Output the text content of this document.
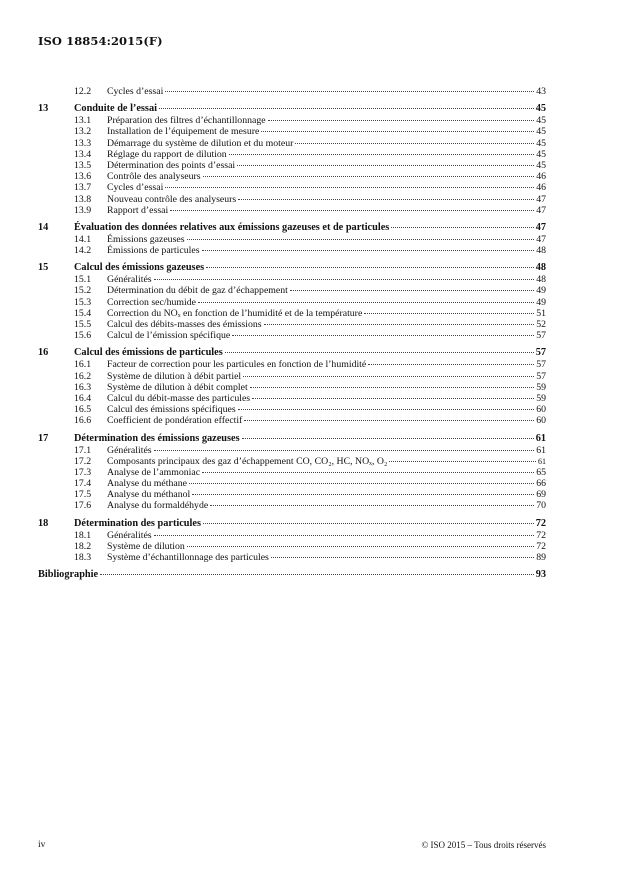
ISO 18854:2015(F)
12.2	Cycles d’essai	43
13	Conduite de l’essai	45
13.1	Préparation des filtres d’échantillonnage	45
13.2	Installation de l’équipement de mesure	45
13.3	Démarrage du système de dilution et du moteur	45
13.4	Réglage du rapport de dilution	45
13.5	Détermination des points d’essai	45
13.6	Contrôle des analyseurs	46
13.7	Cycles d’essai	46
13.8	Nouveau contrôle des analyseurs	47
13.9	Rapport d’essai	47
14	Évaluation des données relatives aux émissions gazeuses et de particules	47
14.1	Émissions gazeuses	47
14.2	Émissions de particules	48
15	Calcul des émissions gazeuses	48
15.1	Généralités	48
15.2	Détermination du débit de gaz d’échappement	49
15.3	Correction sec/humide	49
15.4	Correction du NOₓ en fonction de l’humidité et de la température	51
15.5	Calcul des débits-masses des émissions	52
15.6	Calcul de l’émission spécifique	57
16	Calcul des émissions de particules	57
16.1	Facteur de correction pour les particules en fonction de l’humidité	57
16.2	Système de dilution à débit partiel	57
16.3	Système de dilution à débit complet	59
16.4	Calcul du débit-masse des particules	59
16.5	Calcul des émissions spécifiques	60
16.6	Coefficient de pondération effectif	60
17	Détermination des émissions gazeuses	61
17.1	Généralités	61
17.2	Composants principaux des gaz d’échappement CO, CO₂, HC, NOₓ, O₂	61
17.3	Analyse de l’ammoniac	65
17.4	Analyse du méthane	66
17.5	Analyse du méthanol	69
17.6	Analyse du formaldéhyde	70
18	Détermination des particules	72
18.1	Généralités	72
18.2	Système de dilution	72
18.3	Système d’échantillonnage des particules	89
Bibliographie	93
iv	© ISO 2015 – Tous droits réservés
